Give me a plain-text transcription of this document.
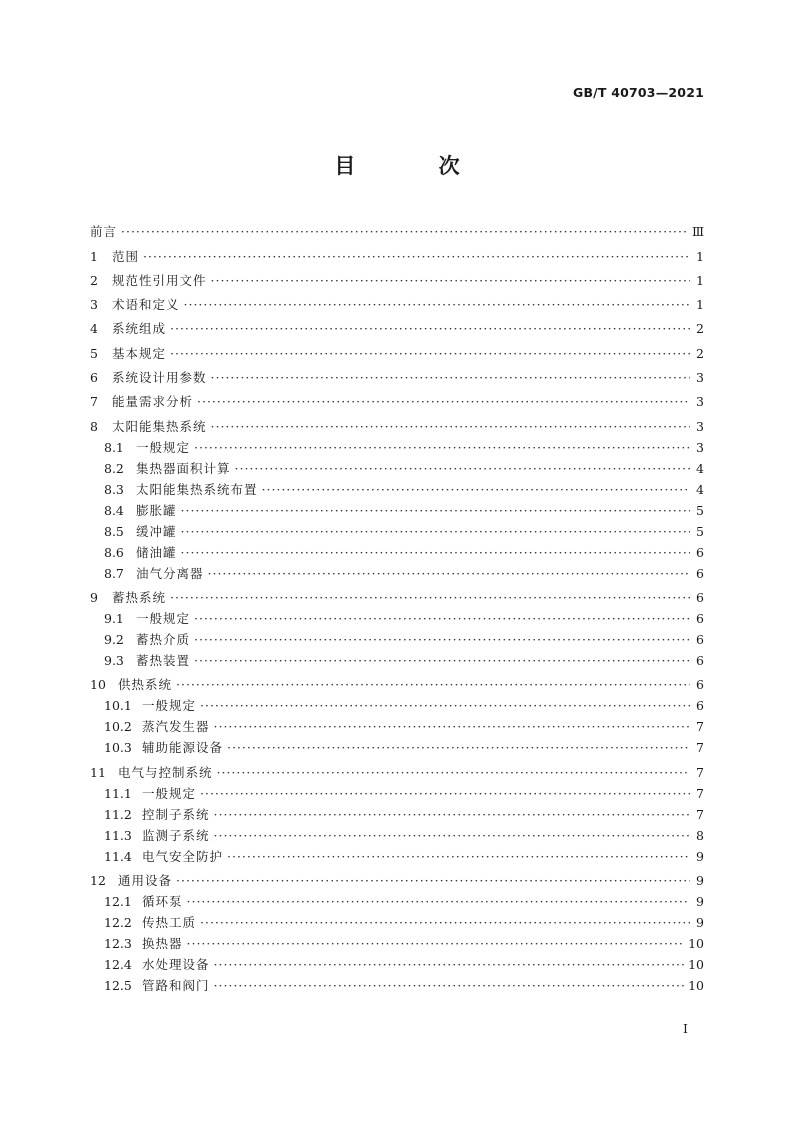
GB/T 40703—2021
目 次
前言 ·····	Ⅲ
1	范围 ·····	1
2	规范性引用文件 ·····	1
3	术语和定义 ·····	1
4	系统组成 ·····	2
5	基本规定 ·····	2
6	系统设计用参数 ·····	3
7	能量需求分析 ·····	3
8	太阳能集热系统 ·····	3
8.1 一般规定 ·····	3
8.2 集热器面积计算 ·····	4
8.3 太阳能集热系统布置 ·····	4
8.4 膨胀罐 ·····	5
8.5 缓冲罐 ·····	5
8.6 储油罐 ·····	6
8.7 油气分离器 ·····	6
9	蓄热系统 ·····	6
9.1 一般规定 ·····	6
9.2 蓄热介质 ·····	6
9.3 蓄热装置 ·····	6
10 供热系统 ·····	6
10.1 一般规定 ·····	6
10.2 蒸汽发生器 ·····	7
10.3 辅助能源设备 ·····	7
11 电气与控制系统 ·····	7
11.1 一般规定 ·····	7
11.2 控制子系统 ·····	7
11.3 监测子系统 ·····	8
11.4 电气安全防护 ·····	9
12 通用设备 ·····	9
12.1 循环泵 ·····	9
12.2 传热工质 ·····	9
12.3 换热器 ·····	10
12.4 水处理设备 ·····	10
12.5 管路和阀门 ·····	10
I
